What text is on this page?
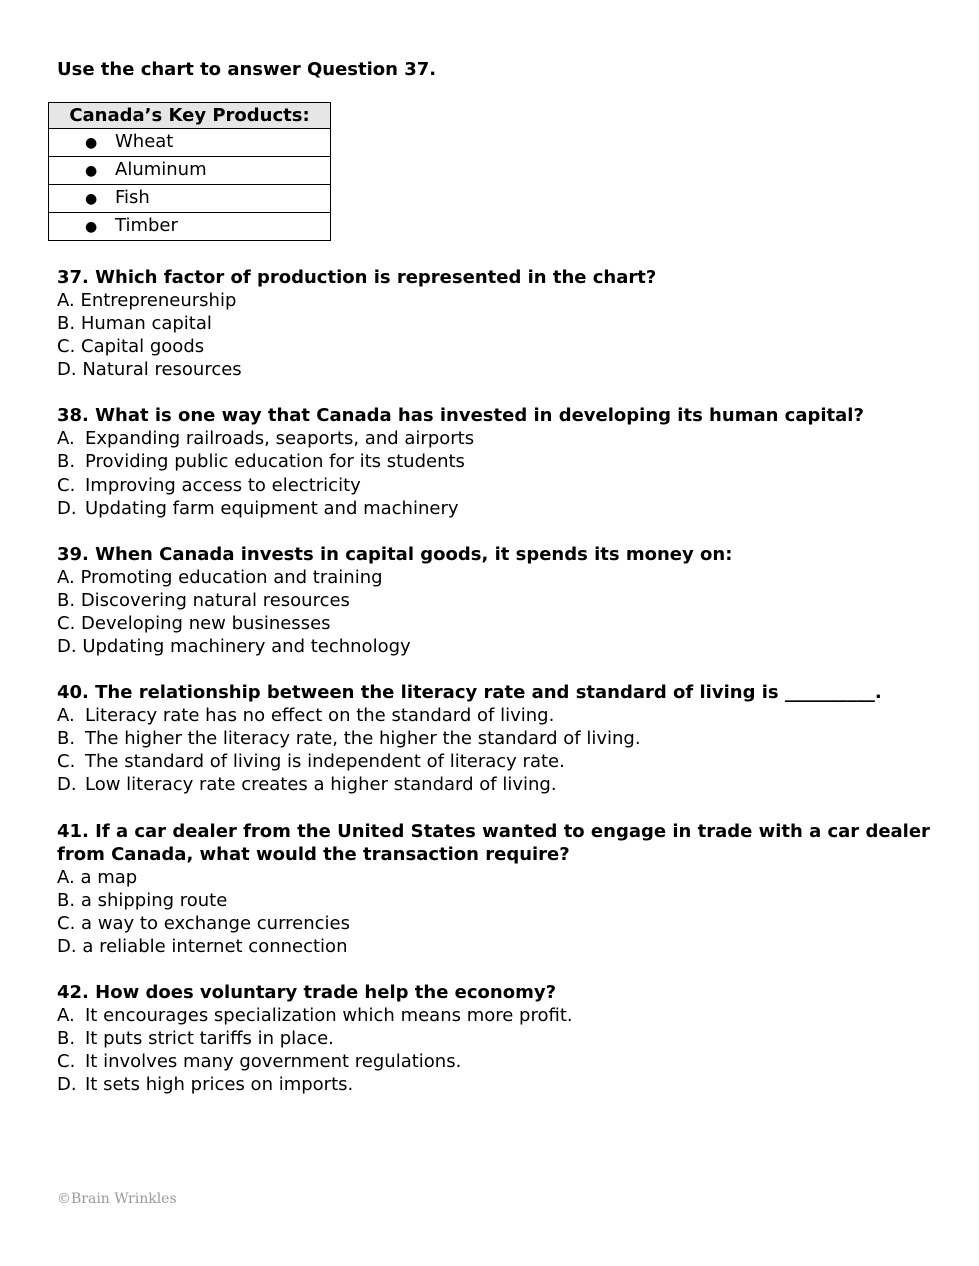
Use the chart to answer Question 37.

Canada’s Key Products:
● Wheat
● Aluminum
● Fish
● Timber

37. Which factor of production is represented in the chart?

A. Entrepreneurship

B. Human capital

C. Capital goods

D. Natural resources

38. What is one way that Canada has invested in developing its human capital?

A. Expanding railroads, seaports, and airports

B. Providing public education for its students

C. Improving access to electricity

D. Updating farm equipment and machinery

39. When Canada invests in capital goods, it spends its money on:

A. Promoting education and training

B. Discovering natural resources

C. Developing new businesses

D. Updating machinery and technology

40. The relationship between the literacy rate and standard of living is __________.

A. Literacy rate has no effect on the standard of living.

B. The higher the literacy rate, the higher the standard of living.

C. The standard of living is independent of literacy rate.

D. Low literacy rate creates a higher standard of living.

41. If a car dealer from the United States wanted to engage in trade with a car dealer from Canada, what would the transaction require?

A. a map

B. a shipping route

C. a way to exchange currencies

D. a reliable internet connection

42. How does voluntary trade help the economy?

A. It encourages specialization which means more profit.

B. It puts strict tariffs in place.

C. It involves many government regulations.

D. It sets high prices on imports.

©Brain Wrinkles
